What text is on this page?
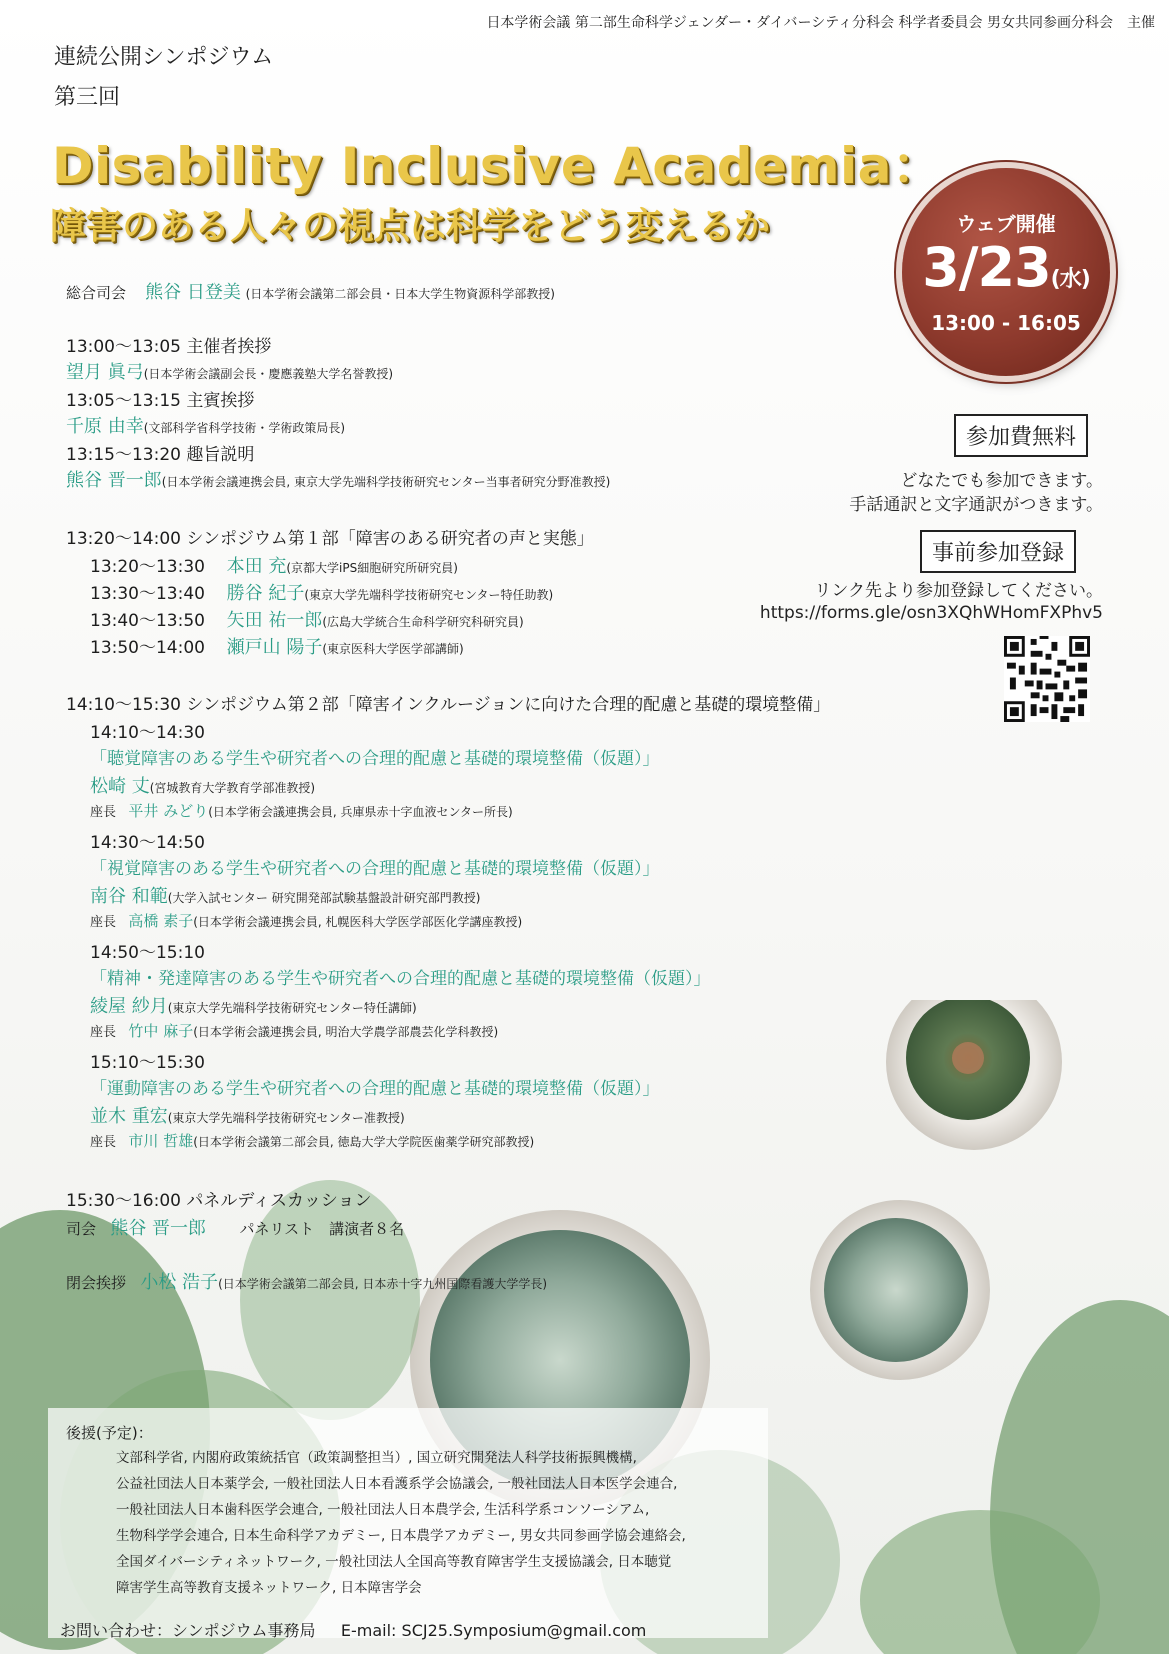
日本学術会議 第二部生命科学ジェンダー・ダイバーシティ分科会 科学者委員会 男女共同参画分科会　主催
連続公開シンポジウム
第三回
Disability Inclusive Academia：
障害のある人々の視点は科学をどう変えるか	ウェブ開催
3/23(水)
13:00 - 16:05
参加費無料
どなたでも参加できます。
手話通訳と文字通訳がつきます。
事前参加登録
リンク先より参加登録してください。
https://forms.gle/osn3XQhWHomFXPhv5
総合司会 熊谷 日登美 (日本学術会議第二部会員・日本大学生物資源科学部教授)
13:00～13:05 主催者挨拶
望月 眞弓(日本学術会議副会長・慶應義塾大学名誉教授)
13:05～13:15 主賓挨拶
千原 由幸(文部科学省科学技術・学術政策局長)
13:15～13:20 趣旨説明
熊谷 晋一郎(日本学術会議連携会員, 東京大学先端科学技術研究センター当事者研究分野准教授)
13:20～14:00 シンポジウム第１部「障害のある研究者の声と実態」
13:20～13:30 本田 充(京都大学iPS細胞研究所研究員)
13:30～13:40 勝谷 紀子(東京大学先端科学技術研究センター特任助教)
13:40～13:50 矢田 祐一郎(広島大学統合生命科学研究科研究員)
13:50～14:00 瀬戸山 陽子(東京医科大学医学部講師)
14:10～15:30 シンポジウム第２部「障害インクルージョンに向けた合理的配慮と基礎的環境整備」
14:10～14:30
「聴覚障害のある学生や研究者への合理的配慮と基礎的環境整備（仮題）」
松崎 丈(宮城教育大学教育学部准教授)
座長 平井 みどり(日本学術会議連携会員, 兵庫県赤十字血液センター所長)
14:30～14:50
「視覚障害のある学生や研究者への合理的配慮と基礎的環境整備（仮題）」
南谷 和範(大学入試センター 研究開発部試験基盤設計研究部門教授)
座長 高橋 素子(日本学術会議連携会員, 札幌医科大学医学部医化学講座教授)
14:50～15:10
「精神・発達障害のある学生や研究者への合理的配慮と基礎的環境整備（仮題）」
綾屋 紗月(東京大学先端科学技術研究センター特任講師)
座長 竹中 麻子(日本学術会議連携会員, 明治大学農学部農芸化学科教授)
15:10～15:30
「運動障害のある学生や研究者への合理的配慮と基礎的環境整備（仮題）」
並木 重宏(東京大学先端科学技術研究センター准教授)
座長 市川 哲雄(日本学術会議第二部会員, 徳島大学大学院医歯薬学研究部教授)
15:30～16:00 パネルディスカッション
司会 熊谷 晋一郎 パネリスト　講演者８名
閉会挨拶 小松 浩子(日本学術会議第二部会員, 日本赤十字九州国際看護大学学長)
後援(予定)：
文部科学省, 内閣府政策統括官（政策調整担当）, 国立研究開発法人科学技術振興機構,
公益社団法人日本薬学会, 一般社団法人日本看護系学会協議会, 一般社団法人日本医学会連合,
一般社団法人日本歯科医学会連合, 一般社団法人日本農学会, 生活科学系コンソーシアム,
生物科学学会連合, 日本生命科学アカデミー, 日本農学アカデミー, 男女共同参画学協会連絡会,
全国ダイバーシティネットワーク, 一般社団法人全国高等教育障害学生支援協議会, 日本聴覚
障害学生高等教育支援ネットワーク, 日本障害学会
お問い合わせ：シンポジウム事務局 E-mail: SCJ25.Symposium@gmail.com
